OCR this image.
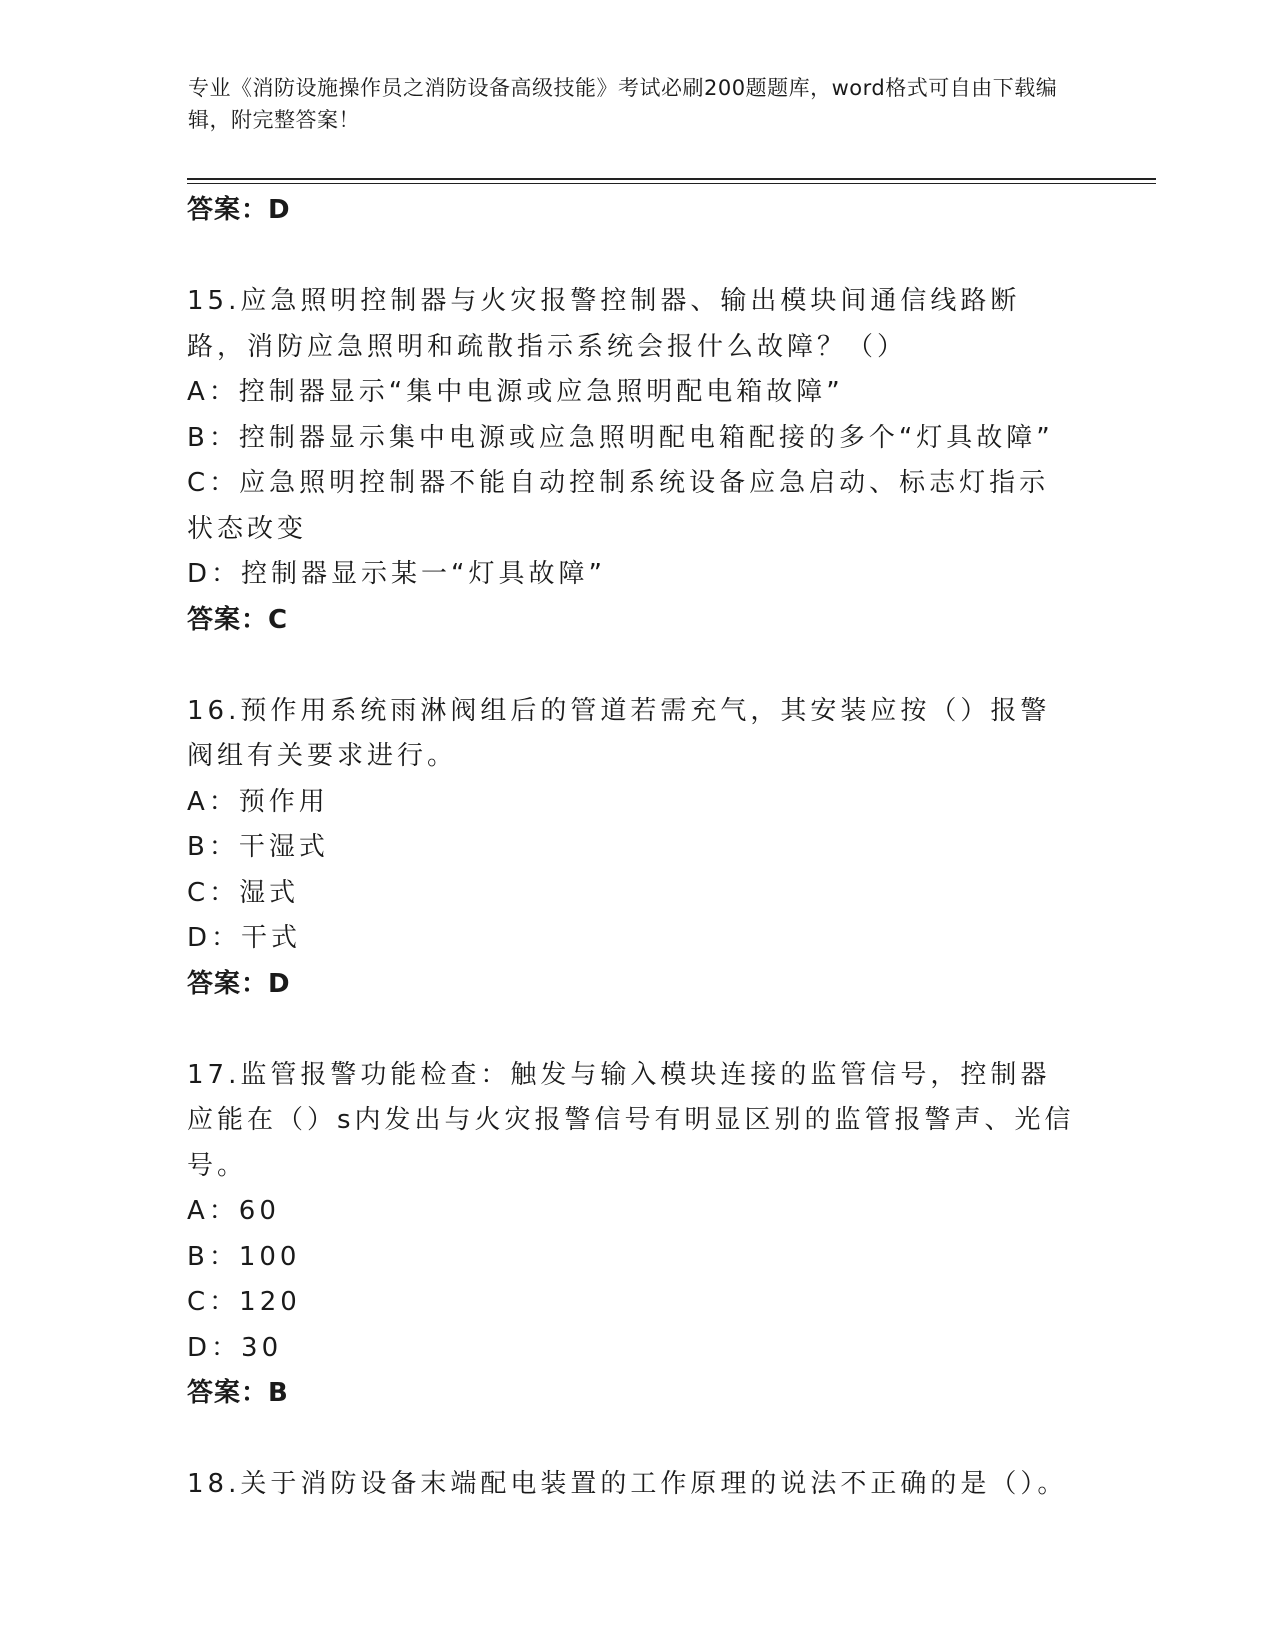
专业《消防设施操作员之消防设备高级技能》考试必刷200题题库，word格式可自由下载编辑，附完整答案！
答案：D
15.应急照明控制器与火灾报警控制器、输出模块间通信线路断路，消防应急照明和疏散指示系统会报什么故障？（）
A：控制器显示“集中电源或应急照明配电箱故障”
B：控制器显示集中电源或应急照明配电箱配接的多个“灯具故障”
C：应急照明控制器不能自动控制系统设备应急启动、标志灯指示状态改变
D：控制器显示某一“灯具故障”
答案：C
16.预作用系统雨淋阀组后的管道若需充气，其安装应按（）报警阀组有关要求进行。
A：预作用
B：干湿式
C：湿式
D：干式
答案：D
17.监管报警功能检查：触发与输入模块连接的监管信号，控制器应能在（）s内发出与火灾报警信号有明显区别的监管报警声、光信号。
A：60
B：100
C：120
D：30
答案：B
18.关于消防设备末端配电装置的工作原理的说法不正确的是（）。
